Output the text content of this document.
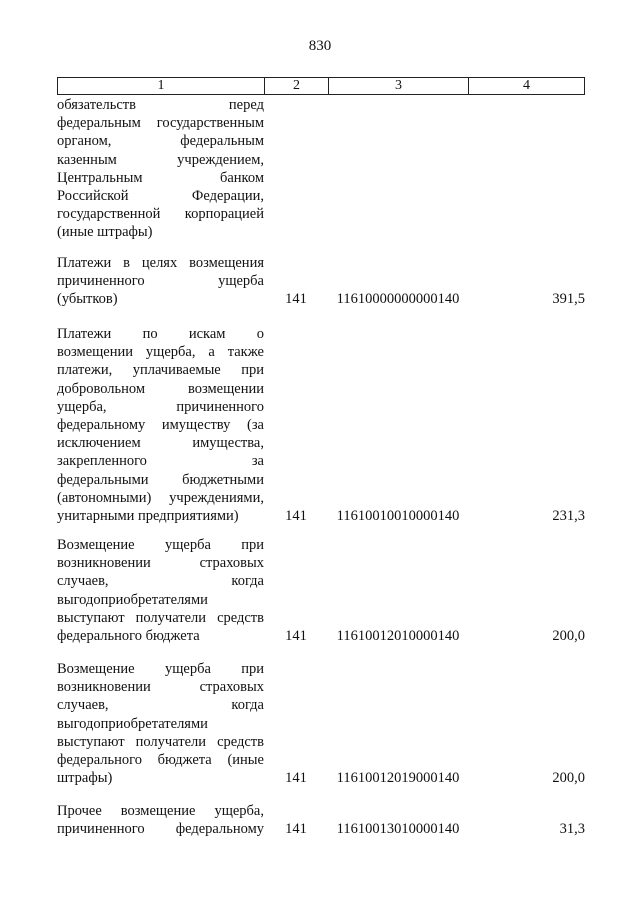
830
1	2	3	4
обязательств перед
федеральным государственным
органом, федеральным
казенным учреждением,
Центральным банком
Российской Федерации,
государственной корпорацией
(иные штрафы)
Платежи в целях возмещения
причиненного ущерба
(убытков)	141	11610000000000140	391,5
Платежи по искам о
возмещении ущерба, а также
платежи, уплачиваемые при
добровольном возмещении
ущерба, причиненного
федеральному имуществу (за
исключением имущества,
закрепленного за
федеральными бюджетными
(автономными) учреждениями,
унитарными предприятиями)	141	11610010010000140	231,3
Возмещение ущерба при
возникновении страховых
случаев, когда
выгодоприобретателями
выступают получатели средств
федерального бюджета	141	11610012010000140	200,0
Возмещение ущерба при
возникновении страховых
случаев, когда
выгодоприобретателями
выступают получатели средств
федерального бюджета (иные
штрафы)	141	11610012019000140	200,0
Прочее возмещение ущерба,
причиненного федеральному	141	11610013010000140	31,3
